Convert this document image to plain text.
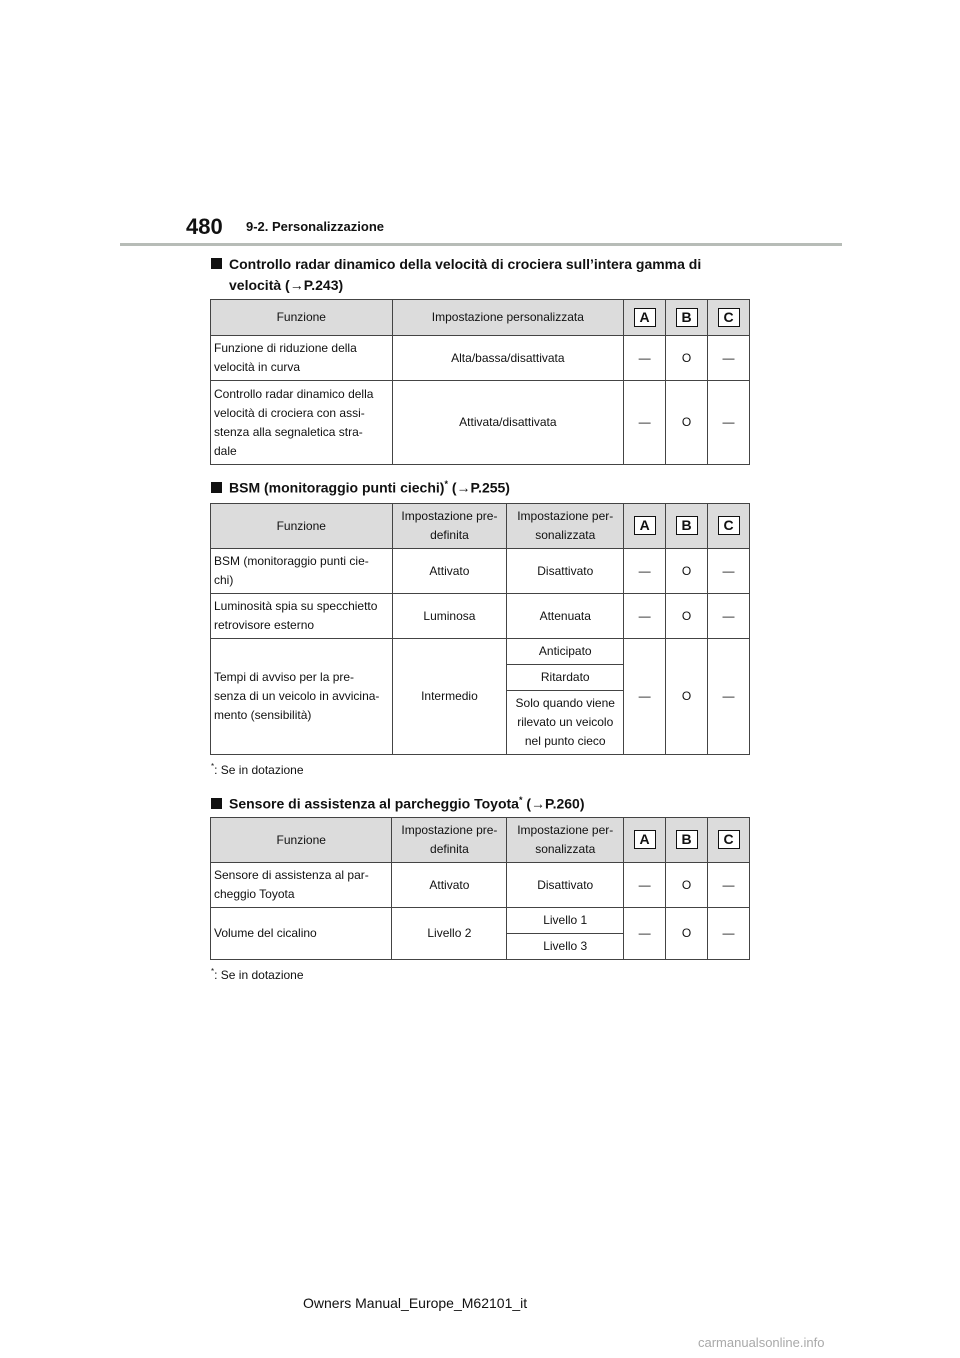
480 9-2. Personalizzazione
Controllo radar dinamico della velocità di crociera sull’intera gamma di
velocità (→P.243)
Funzione	Impostazione personalizzata	A	B	C
Funzione di riduzione della
velocità in curva	Alta/bassa/disattivata	—	O	—
Controllo radar dinamico della
velocità di crociera con assi-
stenza alla segnaletica stra-
dale	Attivata/disattivata	—	O	—
BSM (monitoraggio punti ciechi)* (→P.255)
Funzione	Impostazione pre-
definita	Impostazione per-
sonalizzata	A	B	C
BSM (monitoraggio punti cie-
chi)	Attivato	Disattivato	—	O	—
Luminosità spia su specchietto
retrovisore esterno	Luminosa	Attenuata	—	O	—
Tempi di avviso per la pre-
senza di un veicolo in avvicina-
mento (sensibilità)	Intermedio	Anticipato	—	O	—
		Ritardato			
		Solo quando viene
rilevato un veicolo
nel punto cieco			
*: Se in dotazione
Sensore di assistenza al parcheggio Toyota* (→P.260)
Funzione	Impostazione pre-
definita	Impostazione per-
sonalizzata	A	B	C
Sensore di assistenza al par-
cheggio Toyota	Attivato	Disattivato	—	O	—
Volume del cicalino	Livello 2	Livello 1	—	O	—
		Livello 3			
*: Se in dotazione
Owners Manual_Europe_M62101_it
carmanualsonline.info
